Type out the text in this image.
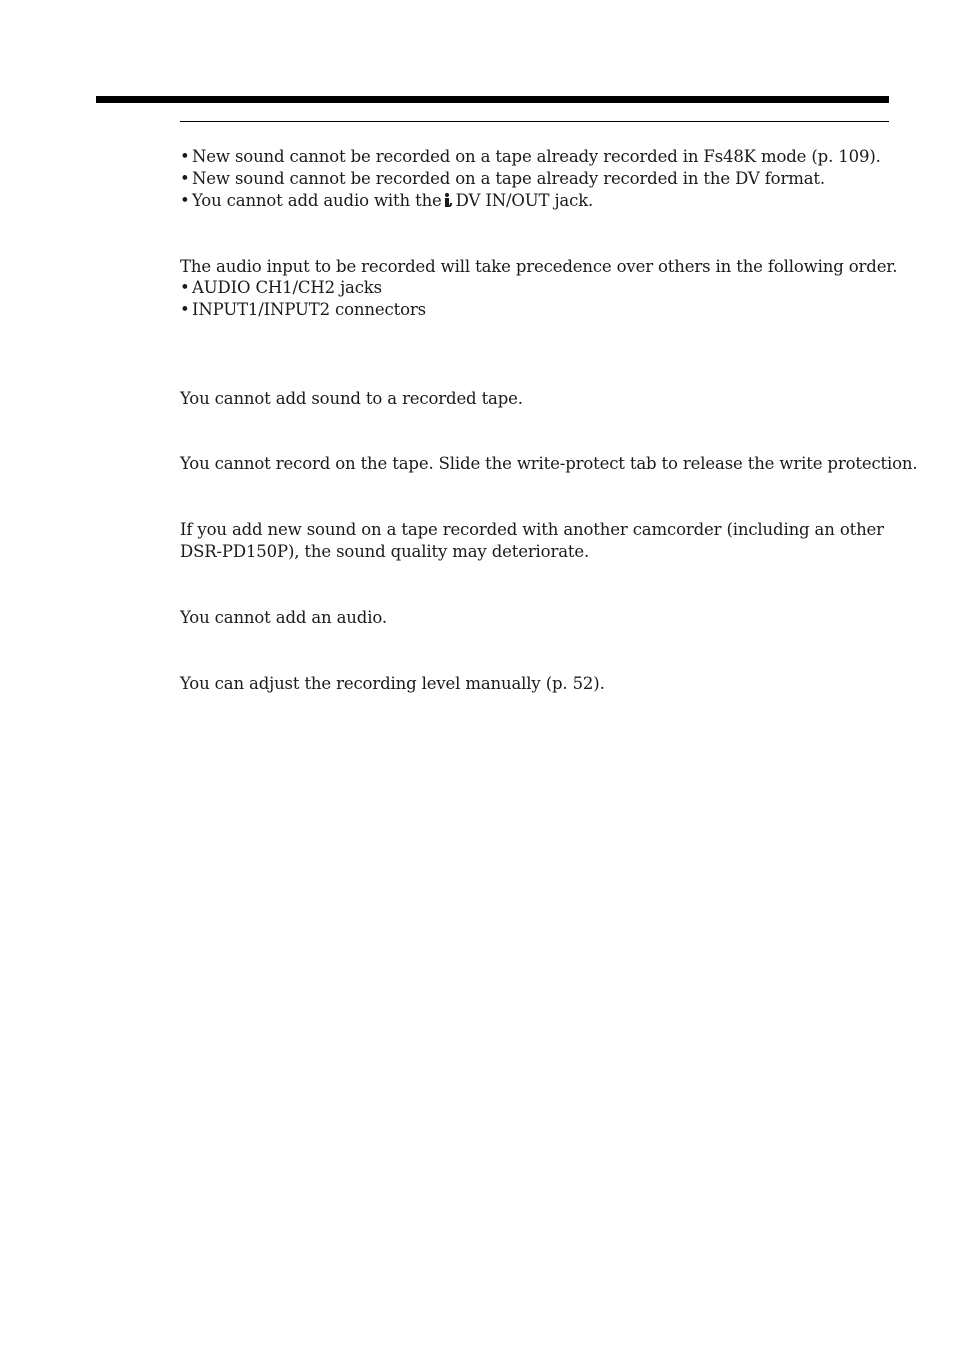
• New sound cannot be recorded on a tape already recorded in Fs48K mode (p. 109).
• New sound cannot be recorded on a tape already recorded in the DV format.
• You cannot add audio with the DV IN/OUT jack.
The audio input to be recorded will take precedence over others in the following order.
• AUDIO CH1/CH2 jacks
• INPUT1/INPUT2 connectors
You cannot add sound to a recorded tape.
You cannot record on the tape. Slide the write-protect tab to release the write protection.
If you add new sound on a tape recorded with another camcorder (including an other
DSR-PD150P), the sound quality may deteriorate.
You cannot add an audio.
You can adjust the recording level manually (p. 52).
